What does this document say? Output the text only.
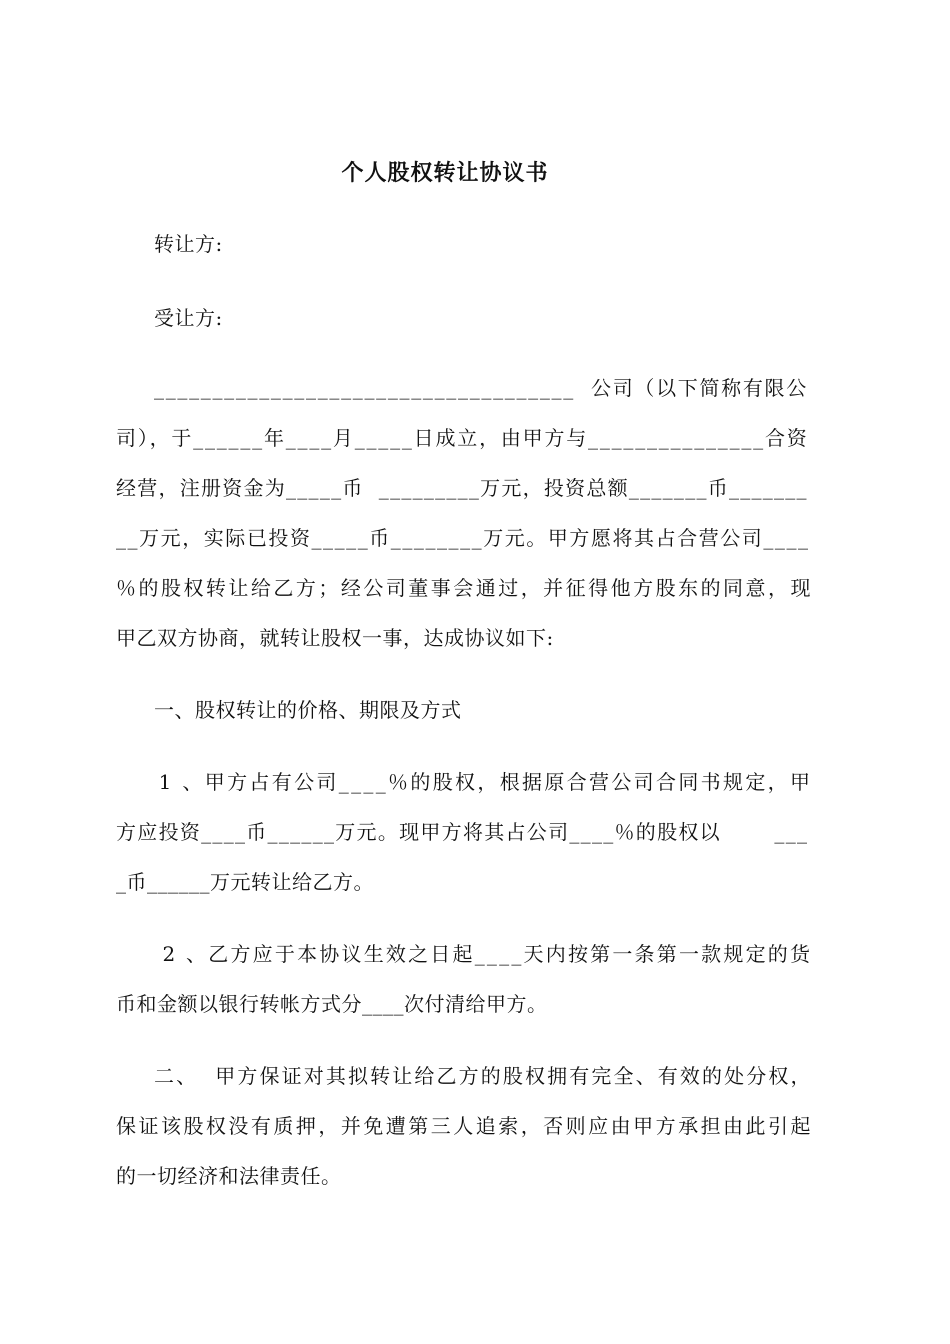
个人股权转让协议书
转让方:
受让方:
____________________________________  公司（以下简称有限公
司），于______年____月_____日成立，由甲方与_______________合资
经营，注册资金为_____币  _________万元，投资总额_______币_______
__万元，实际已投资_____币________万元。甲方愿将其占合营公司____
％的股权转让给乙方；经公司董事会通过，并征得他方股东的同意，现
甲乙双方协商，就转让股权一事，达成协议如下:
一、股权转让的价格、期限及方式
1 、甲方占有公司____％的股权，根据原合营公司合同书规定，甲
方应投资____币______万元。现甲方将其占公司____％的股权以       ___
_币______万元转让给乙方。
2 、乙方应于本协议生效之日起____天内按第一条第一款规定的货
币和金额以银行转帐方式分____次付清给甲方。
二、  甲方保证对其拟转让给乙方的股权拥有完全、有效的处分权，
保证该股权没有质押，并免遭第三人追索，否则应由甲方承担由此引起
的一切经济和法律责任。
